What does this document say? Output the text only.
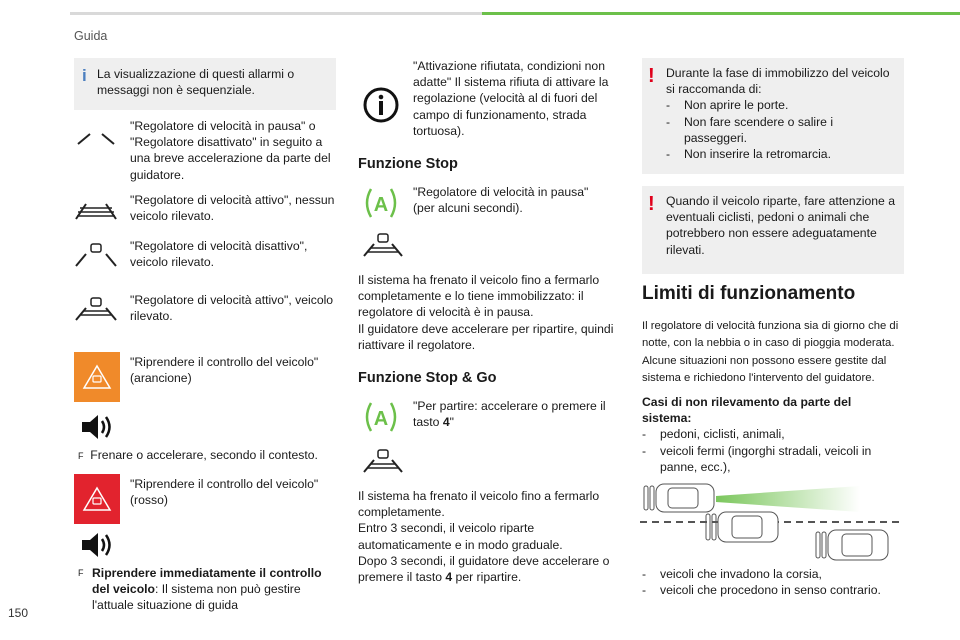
Guida
i La visualizzazione di questi allarmi o messaggi non è sequenziale.
"Regolatore di velocità in pausa" o "Regolatore disattivato" in seguito a una breve accelerazione da parte del guidatore.
"Regolatore di velocità attivo", nessun veicolo rilevato.
"Regolatore di velocità disattivo", veicolo rilevato.
"Regolatore di velocità attivo", veicolo rilevato.
"Riprendere il controllo del veicolo" (arancione)
F Frenare o accelerare, secondo il contesto.
"Riprendere il controllo del veicolo" (rosso)
F Riprendere immediatamente il controllo del veicolo: Il sistema non può gestire l'attuale situazione di guida
"Attivazione rifiutata, condizioni non adatte" Il sistema rifiuta di attivare la regolazione (velocità al di fuori del campo di funzionamento, strada tortuosa).
Funzione Stop
A
"Regolatore di velocità in pausa" (per alcuni secondi).
Il sistema ha frenato il veicolo fino a fermarlo completamente e lo tiene immobilizzato: il regolatore di velocità è in pausa.
Il guidatore deve accelerare per ripartire, quindi riattivare il regolatore.
Funzione Stop & Go
A
"Per partire: accelerare o premere il tasto 4"
Il sistema ha frenato il veicolo fino a fermarlo completamente.
Entro 3 secondi, il veicolo riparte automaticamente e in modo graduale.
Dopo 3 secondi, il guidatore deve accelerare o premere il tasto 4 per ripartire.
! Durante la fase di immobilizzo del veicolo si raccomanda di:
-	Non aprire le porte.
-	Non fare scendere o salire i passeggeri.
-	Non inserire la retromarcia.
! Quando il veicolo riparte, fare attenzione a eventuali ciclisti, pedoni o animali che potrebbero non essere adeguatamente rilevati.
Limiti di funzionamento
Il regolatore di velocità funziona sia di giorno che di notte, con la nebbia o in caso di pioggia moderata. Alcune situazioni non possono essere gestite dal sistema e richiedono l'intervento del guidatore.
Casi di non rilevamento da parte del sistema:
-	pedoni, ciclisti, animali,
-	veicoli fermi (ingorghi stradali, veicoli in panne, ecc.),
-	veicoli che invadono la corsia,
-	veicoli che procedono in senso contrario.
150
